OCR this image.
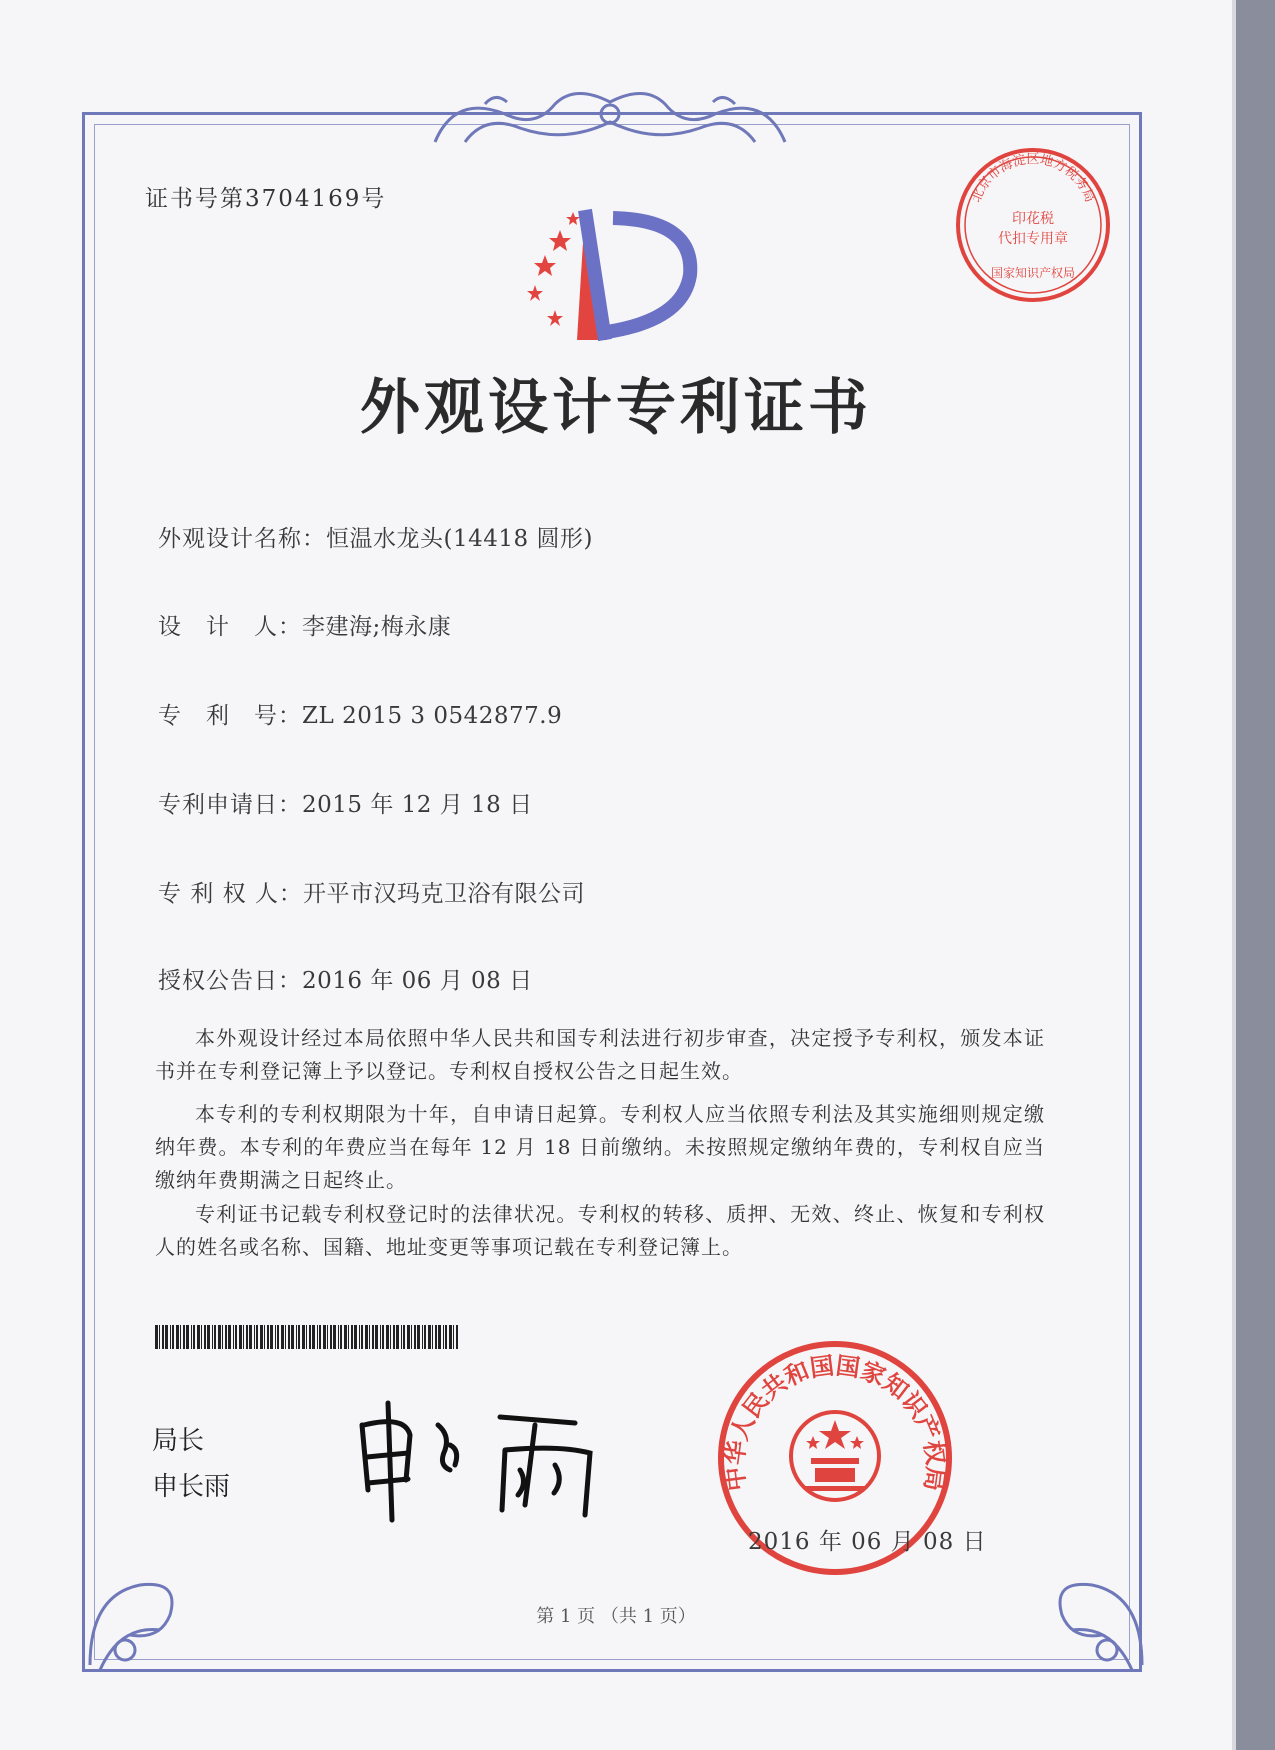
证书号第3704169号	北京市海淀区地方税务局
印花税
代扣专用章
国家知识产权局
外观设计专利证书
外观设计名称：恒温水龙头(14418 圆形)
设　计　人：李建海;梅永康
专　利　号：ZL 2015 3 0542877.9
专利申请日：2015 年 12 月 18 日
专 利 权 人：开平市汉玛克卫浴有限公司
授权公告日：2016 年 06 月 08 日
本外观设计经过本局依照中华人民共和国专利法进行初步审查，决定授予专利权，颁发本证书并在专利登记簿上予以登记。专利权自授权公告之日起生效。
本专利的专利权期限为十年，自申请日起算。专利权人应当依照专利法及其实施细则规定缴纳年费。本专利的年费应当在每年 12 月 18 日前缴纳。未按照规定缴纳年费的，专利权自应当缴纳年费期满之日起终止。
专利证书记载专利权登记时的法律状况。专利权的转移、质押、无效、终止、恢复和专利权人的姓名或名称、国籍、地址变更等事项记载在专利登记簿上。
局长
申长雨	中华人民共和国国家知识产权局
2016 年 06 月 08 日
第 1 页 （共 1 页）
